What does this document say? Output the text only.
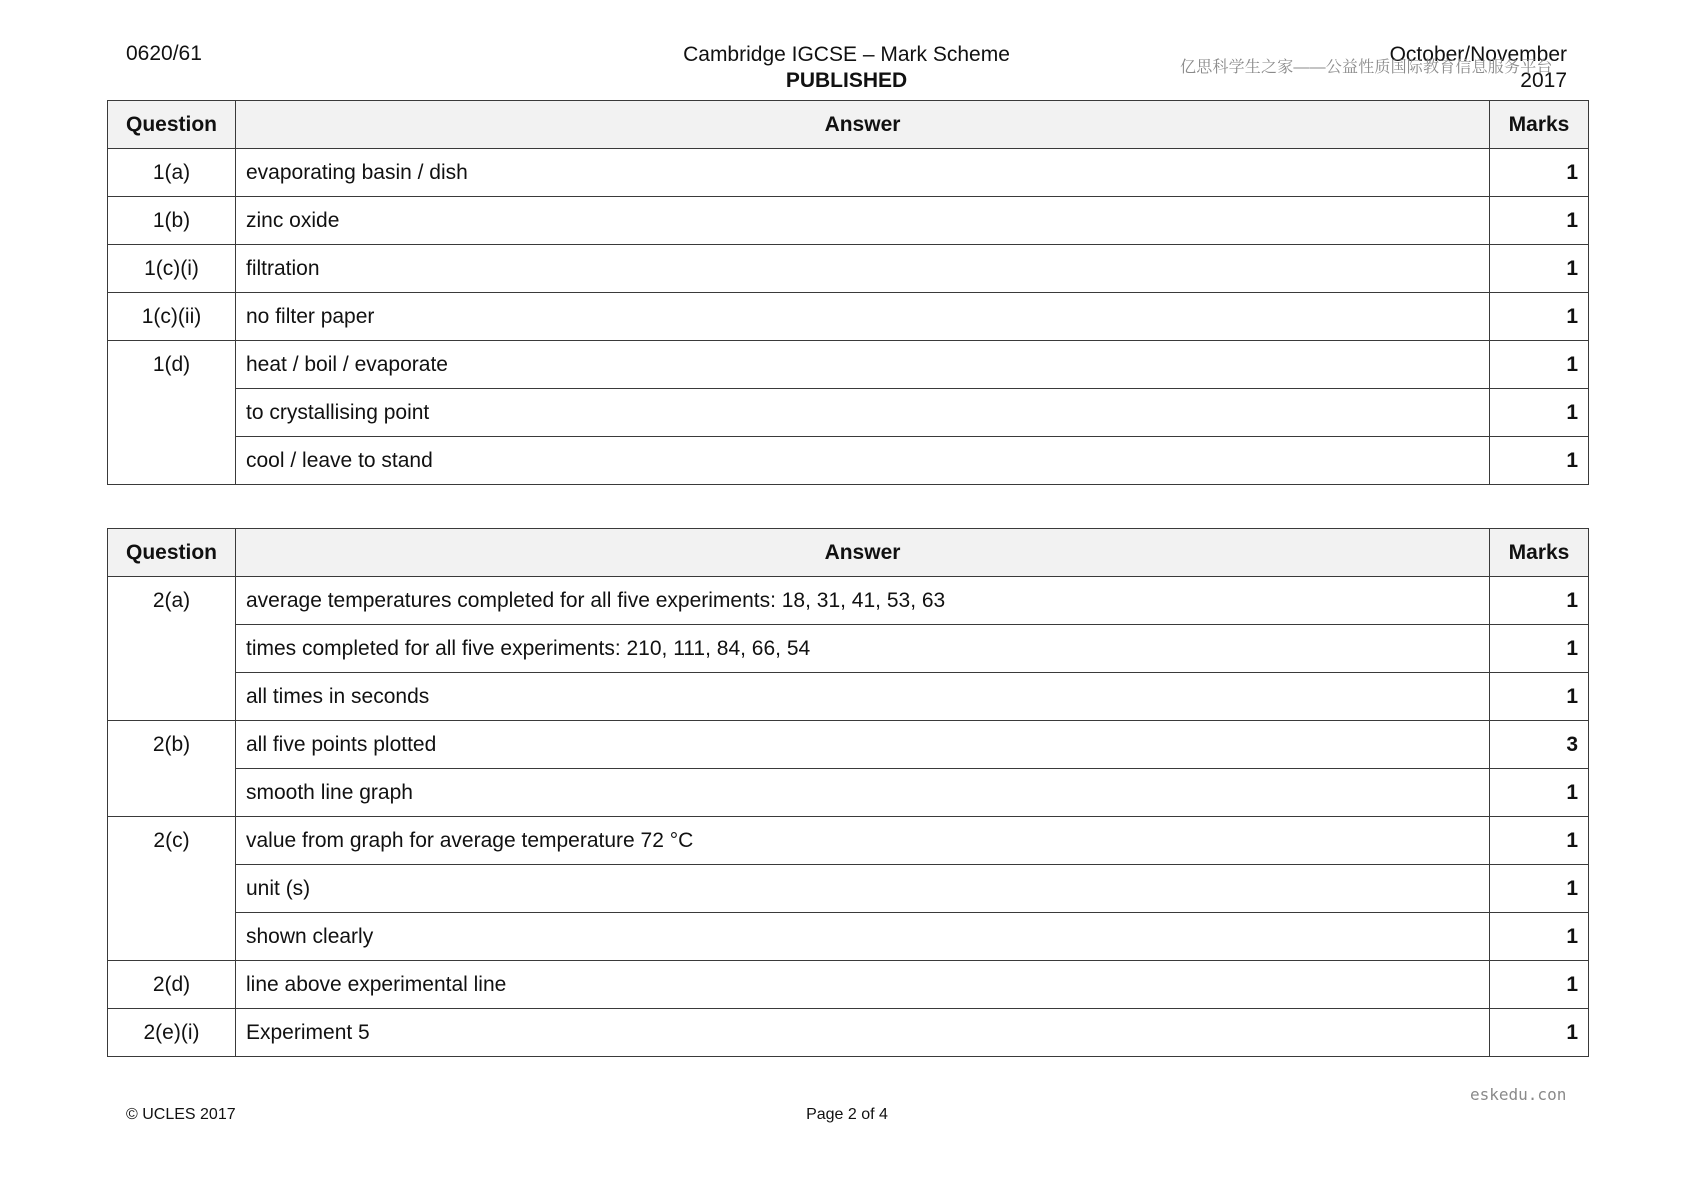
0620/61	Cambridge IGCSE – Mark Scheme
PUBLISHED
October/November
2017
亿思科学生之家——公益性质国际教育信息服务平台
Question	Answer	Marks
1(a)	evaporating basin / dish	1
1(b)	zinc oxide	1
1(c)(i)	filtration	1
1(c)(ii)	no filter paper	1
1(d)	heat / boil / evaporate	1
	to crystallising point	1
	cool / leave to stand	1
Question	Answer	Marks
2(a)	average temperatures completed for all five experiments: 18, 31, 41, 53, 63	1
	times completed for all five experiments: 210, 111, 84, 66, 54	1
	all times in seconds	1
2(b)	all five points plotted	3
	smooth line graph	1
2(c)	value from graph for average temperature 72 °C	1
	unit (s)	1
	shown clearly	1
2(d)	line above experimental line	1
2(e)(i)	Experiment 5	1
eskedu.con
© UCLES 2017	Page 2 of 4
